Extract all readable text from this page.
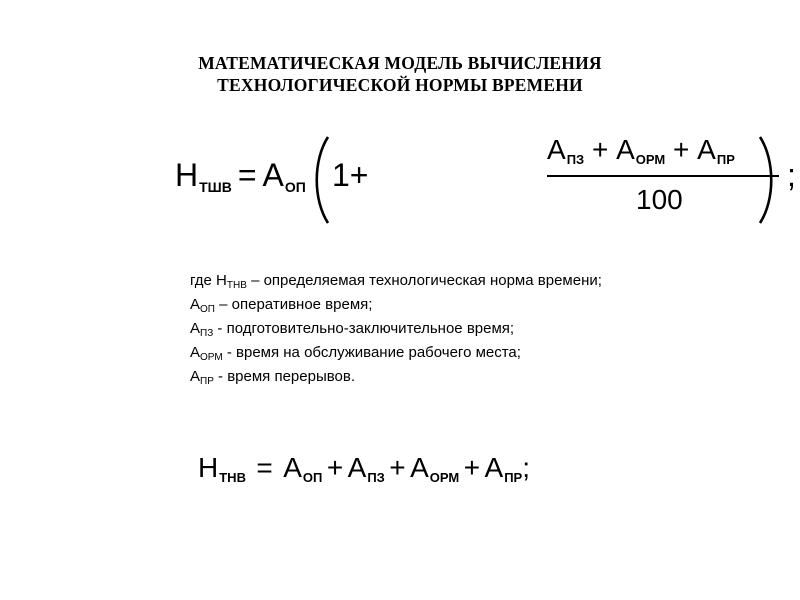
МАТЕМАТИЧЕСКАЯ МОДЕЛЬ ВЫЧИСЛЕНИЯ
ТЕХНОЛОГИЧЕСКОЙ НОРМЫ ВРЕМЕНИ
НТШВ = АОП 1+
АПЗ + АОРМ + АПР
100
;
где $Н_{ТНВ}$ – определяемая технологическая норма времени;
$А_{ОП}$ – оперативное время;
$А_{ПЗ}$ - подготовительно-заключительное время;
$А_{ОРМ}$ - время на обслуживание рабочего места;
$А_{ПР}$ - время перерывов.
$Н_{ТНВ} = А_{ОП} + А_{ПЗ} + А_{ОРМ} + А_{ПР}$;
